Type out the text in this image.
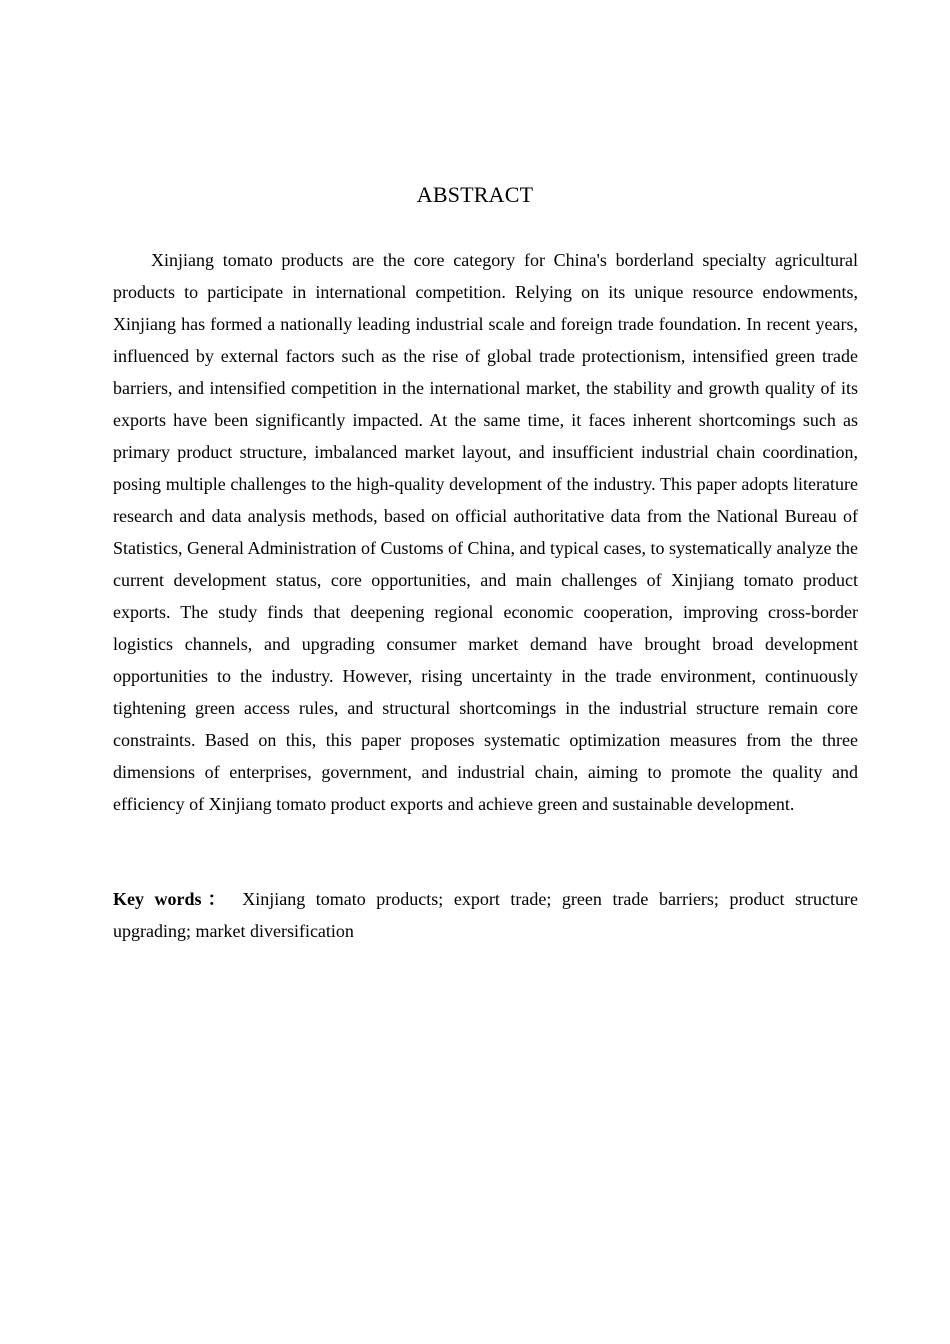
ABSTRACT

Xinjiang tomato products are the core category for China's borderland specialty agricultural products to participate in international competition. Relying on its unique resource endowments, Xinjiang has formed a nationally leading industrial scale and foreign trade foundation. In recent years, influenced by external factors such as the rise of global trade protectionism, intensified green trade barriers, and intensified competition in the international market, the stability and growth quality of its exports have been significantly impacted. At the same time, it faces inherent shortcomings such as primary product structure, imbalanced market layout, and insufficient industrial chain coordination, posing multiple challenges to the high-quality development of the industry. This paper adopts literature research and data analysis methods, based on official authoritative data from the National Bureau of Statistics, General Administration of Customs of China, and typical cases, to systematically analyze the current development status, core opportunities, and main challenges of Xinjiang tomato product exports. The study finds that deepening regional economic cooperation, improving cross-border logistics channels, and upgrading consumer market demand have brought broad development opportunities to the industry. However, rising uncertainty in the trade environment, continuously tightening green access rules, and structural shortcomings in the industrial structure remain core constraints. Based on this, this paper proposes systematic optimization measures from the three dimensions of enterprises, government, and industrial chain, aiming to promote the quality and efficiency of Xinjiang tomato product exports and achieve green and sustainable development.

Key words： Xinjiang tomato products; export trade; green trade barriers; product structure upgrading; market diversification
